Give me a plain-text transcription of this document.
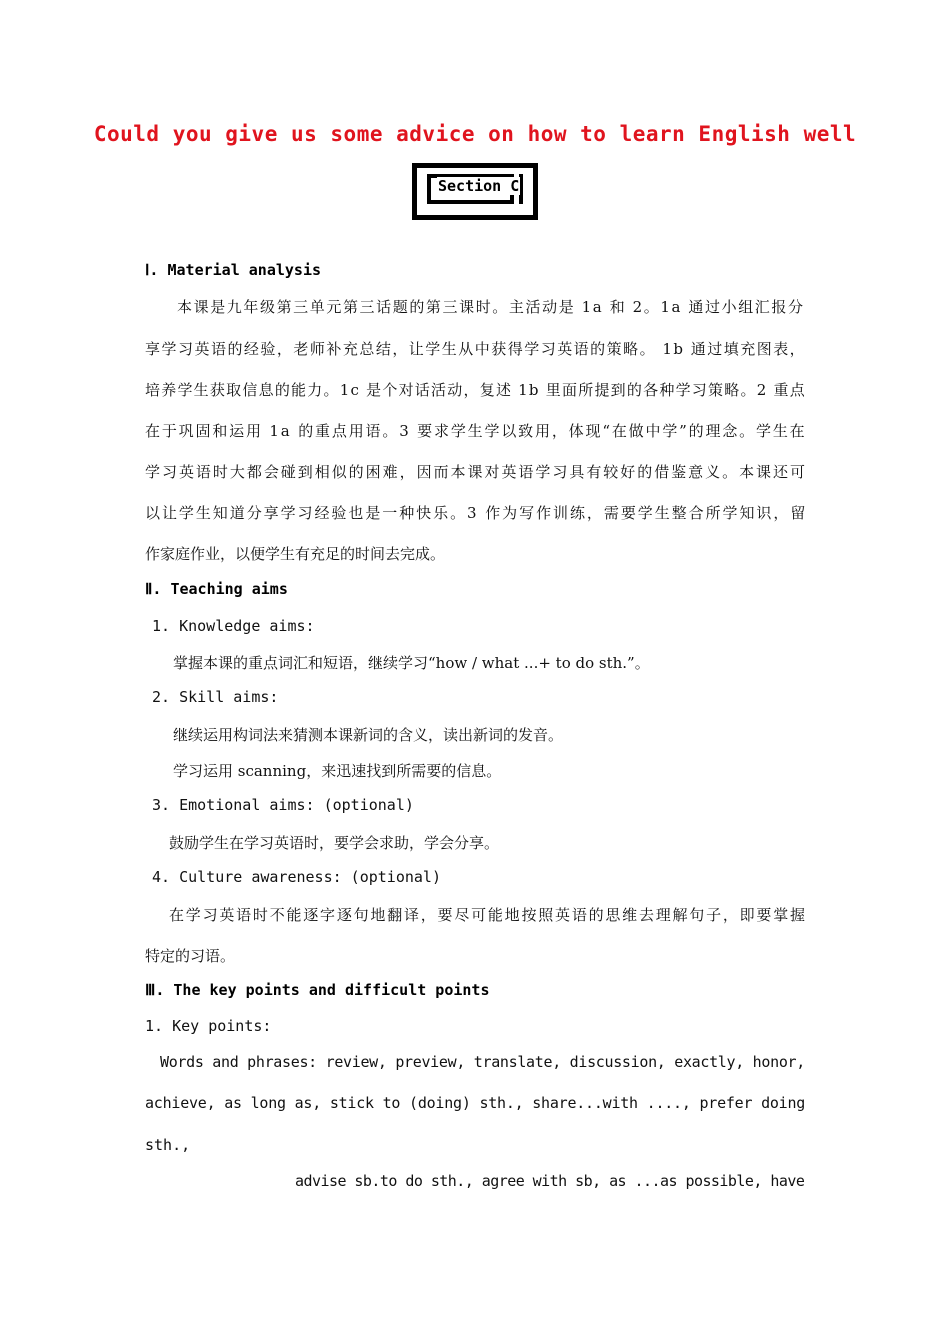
Could you give us some advice on how to learn English well
Section C
Ⅰ. Material analysis
本课是九年级第三单元第三话题的第三课时。主活动是 1a 和 2。1a 通过小组汇报分
享学习英语的经验，老师补充总结，让学生从中获得学习英语的策略。 1b 通过填充图表，
培养学生获取信息的能力。1c 是个对话活动，复述 1b 里面所提到的各种学习策略。2 重点
在于巩固和运用 1a 的重点用语。3 要求学生学以致用，体现“在做中学”的理念。学生在
学习英语时大都会碰到相似的困难，因而本课对英语学习具有较好的借鉴意义。本课还可
以让学生知道分享学习经验也是一种快乐。3 作为写作训练，需要学生整合所学知识，留
作家庭作业，以便学生有充足的时间去完成。
Ⅱ. Teaching aims
1. Knowledge aims:
掌握本课的重点词汇和短语，继续学习“how / what ...+ to do sth.”。
2. Skill aims:
继续运用构词法来猜测本课新词的含义，读出新词的发音。
学习运用 scanning，来迅速找到所需要的信息。
3. Emotional aims: (optional)
鼓励学生在学习英语时，要学会求助，学会分享。
4. Culture awareness: (optional)
在学习英语时不能逐字逐句地翻译，要尽可能地按照英语的思维去理解句子，即要掌握
特定的习语。
Ⅲ. The key points and difficult points
1. Key points:
Words and phrases: review, preview, translate, discussion, exactly, honor,
achieve, as long as, stick to (doing) sth., share...with ...., prefer doing
sth.,
advise sb.to do sth., agree with sb, as ...as possible, have
